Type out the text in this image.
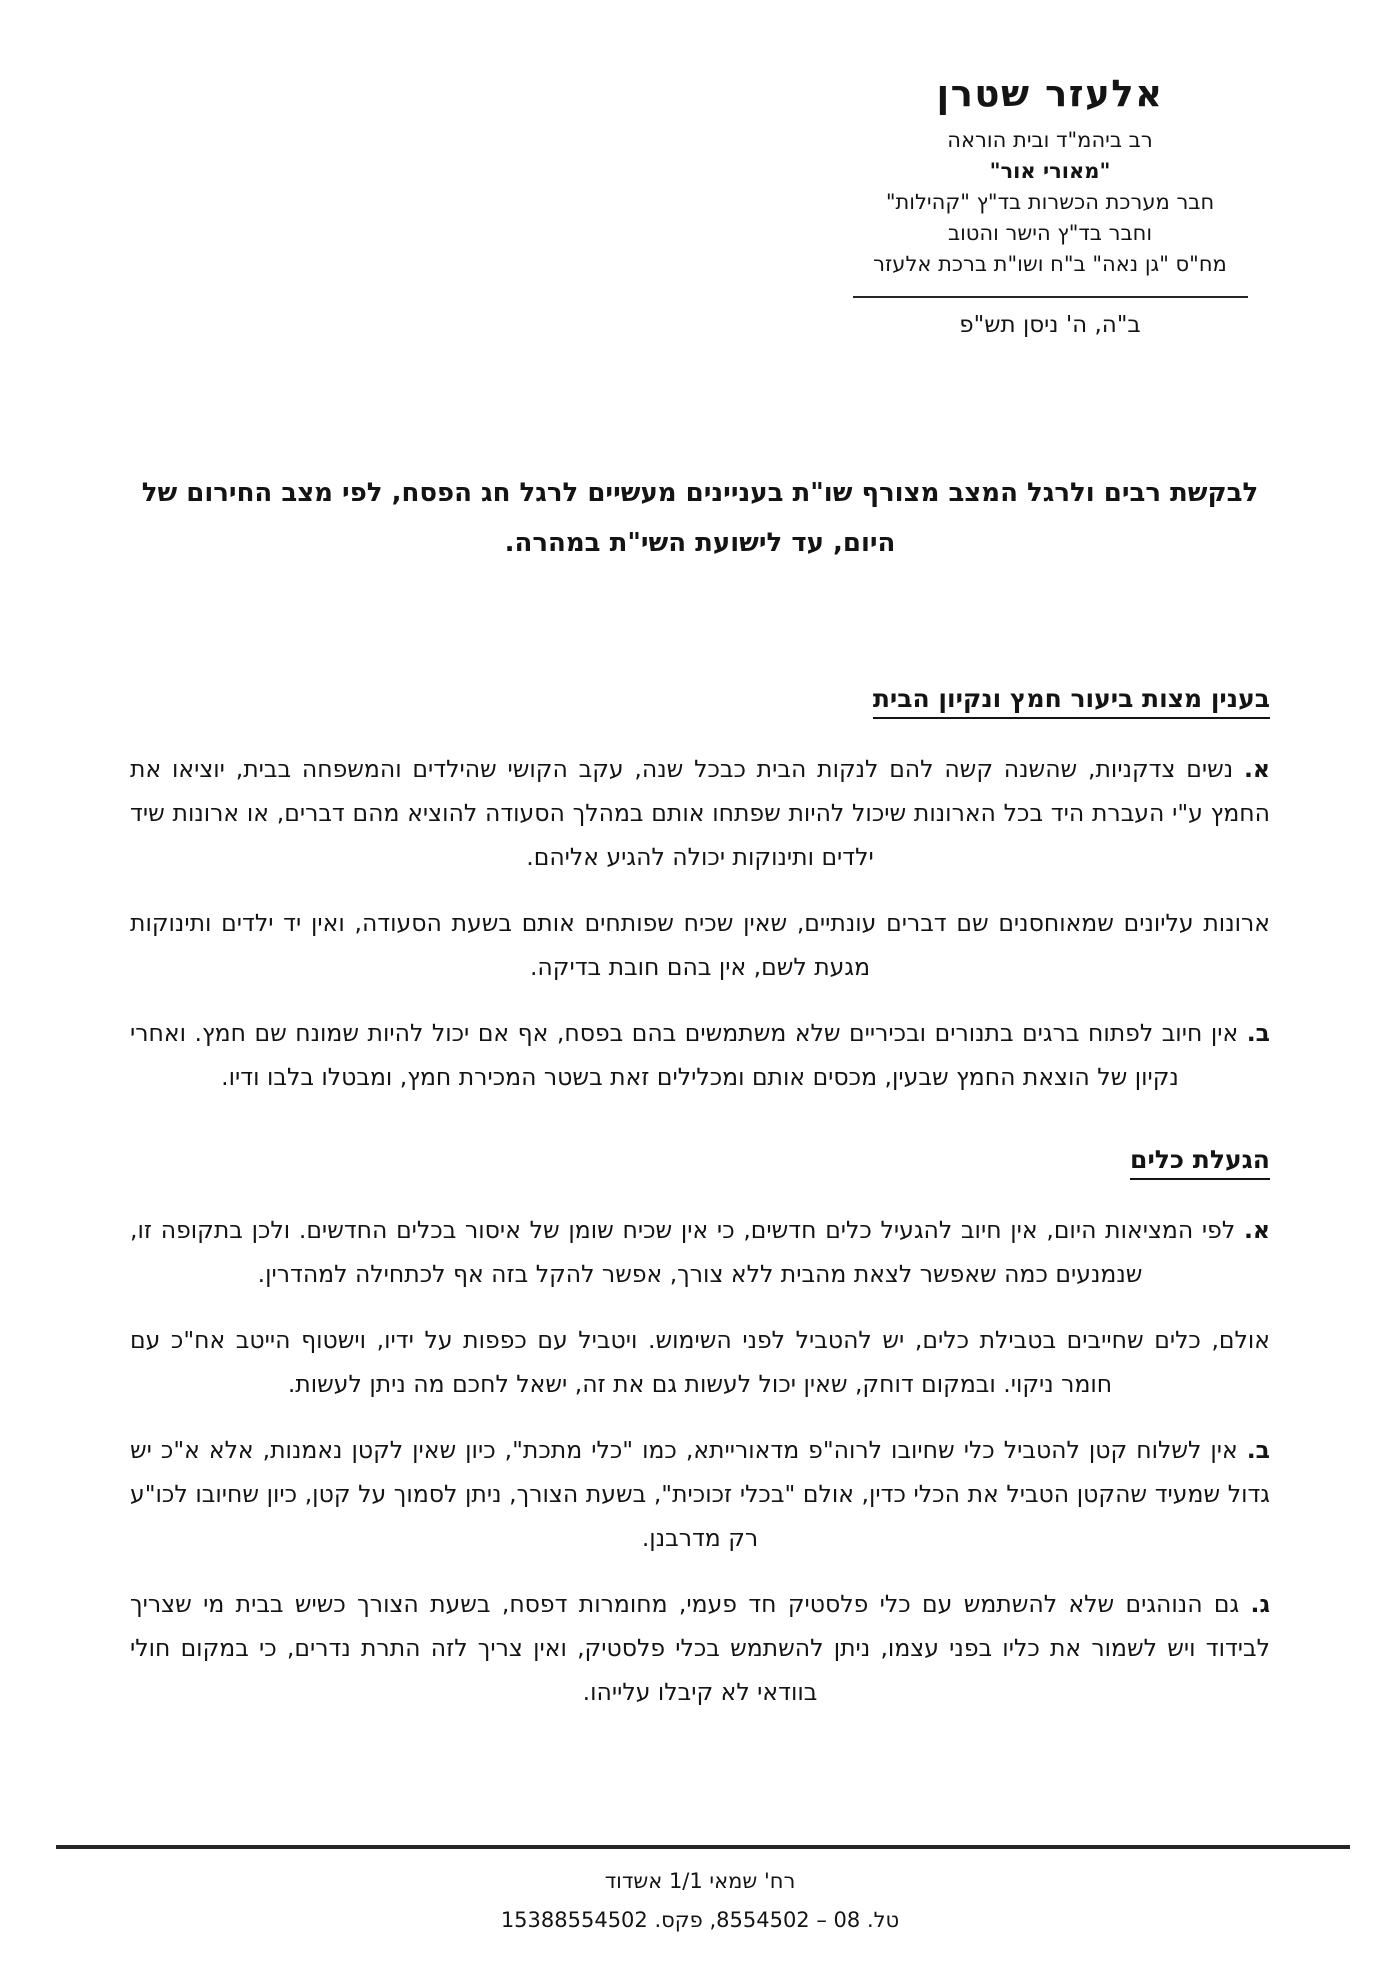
אלעזר שטרן
רב ביהמ"ד ובית הוראה
"מאורי אור"
חבר מערכת הכשרות בד"ץ "קהילות"
וחבר בד"ץ הישר והטוב
מח"ס "גן נאה" ב"ח ושו"ת ברכת אלעזר
ב"ה, ה' ניסן תש"פ

לבקשת רבים ולרגל המצב מצורף שו"ת בעניינים מעשיים לרגל חג הפסח, לפי מצב החירום של היום, עד לישועת השי"ת במהרה.

בענין מצות ביעור חמץ ונקיון הבית

א. נשים צדקניות, שהשנה קשה להם לנקות הבית כבכל שנה, עקב הקושי שהילדים והמשפחה בבית, יוציאו את החמץ ע"י העברת היד בכל הארונות שיכול להיות שפתחו אותם במהלך הסעודה להוציא מהם דברים, או ארונות שיד ילדים ותינוקות יכולה להגיע אליהם.

ארונות עליונים שמאוחסנים שם דברים עונתיים, שאין שכיח שפותחים אותם בשעת הסעודה, ואין יד ילדים ותינוקות מגעת לשם, אין בהם חובת בדיקה.

ב. אין חיוב לפתוח ברגים בתנורים ובכיריים שלא משתמשים בהם בפסח, אף אם יכול להיות שמונח שם חמץ. ואחרי נקיון של הוצאת החמץ שבעין, מכסים אותם ומכלילים זאת בשטר המכירת חמץ, ומבטלו בלבו ודיו.

הגעלת כלים

א. לפי המציאות היום, אין חיוב להגעיל כלים חדשים, כי אין שכיח שומן של איסור בכלים החדשים. ולכן בתקופה זו, שנמנעים כמה שאפשר לצאת מהבית ללא צורך, אפשר להקל בזה אף לכתחילה למהדרין.

אולם, כלים שחייבים בטבילת כלים, יש להטביל לפני השימוש. ויטביל עם כפפות על ידיו, וישטוף הייטב אח"כ עם חומר ניקוי. ובמקום דוחק, שאין יכול לעשות גם את זה, ישאל לחכם מה ניתן לעשות.

ב. אין לשלוח קטן להטביל כלי שחיובו לרוה"פ מדאורייתא, כמו "כלי מתכת", כיון שאין לקטן נאמנות, אלא א"כ יש גדול שמעיד שהקטן הטביל את הכלי כדין, אולם "בכלי זכוכית", בשעת הצורך, ניתן לסמוך על קטן, כיון שחיובו לכו"ע רק מדרבנן.

ג. גם הנוהגים שלא להשתמש עם כלי פלסטיק חד פעמי, מחומרות דפסח, בשעת הצורך כשיש בבית מי שצריך לבידוד ויש לשמור את כליו בפני עצמו, ניתן להשתמש בכלי פלסטיק, ואין צריך לזה התרת נדרים, כי במקום חולי בוודאי לא קיבלו עלייהו.

רח' שמאי 1/1 אשדוד
טל. 08 – 8554502, פקס. 15388554502
